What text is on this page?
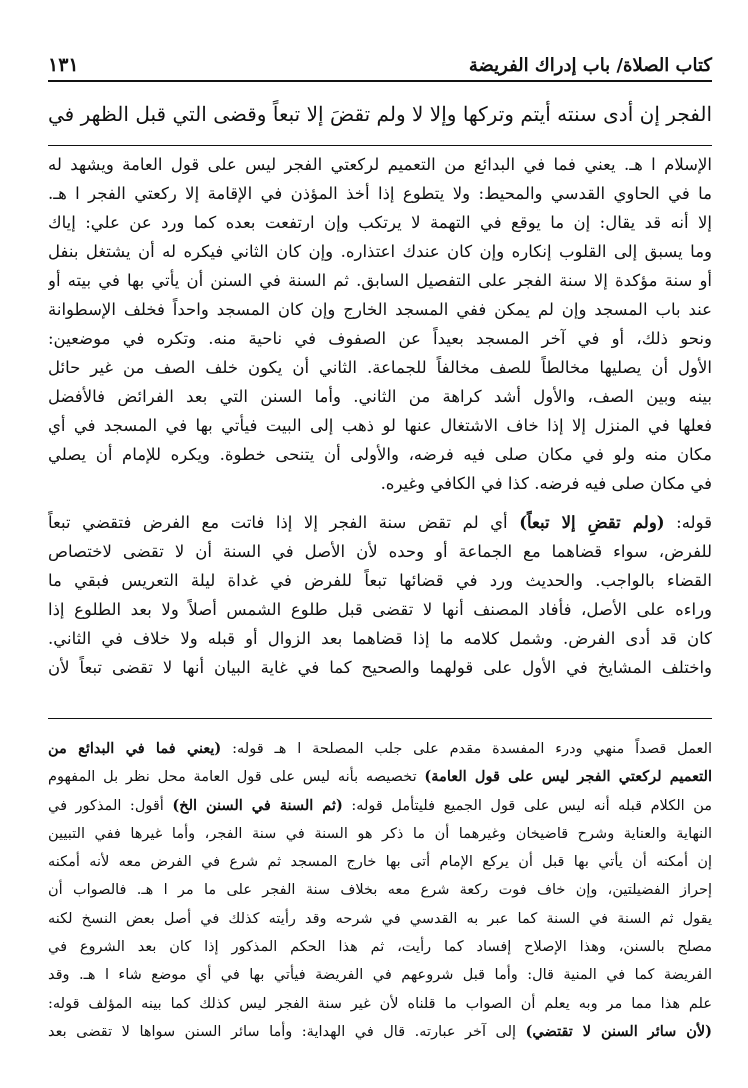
كتاب الصلاة/ باب إدراك الفريضة
١٣١
الفجر إن أدى سنته أيتم وتركها وإلا لا ولم تقضَ إلا تبعاً وقضى التي قبل الظهر في
الإسلام ا هـ. يعني فما في البدائع من التعميم لركعتي الفجر ليس على قول العامة ويشهد له
ما في الحاوي القدسي والمحيط: ولا يتطوع إذا أخذ المؤذن في الإقامة إلا ركعتي الفجر ا هـ.
إلا أنه قد يقال: إن ما يوقع في التهمة لا يرتكب وإن ارتفعت بعده كما ورد عن علي: إياك
وما يسبق إلى القلوب إنكاره وإن كان عندك اعتذاره. وإن كان الثاني فيكره له أن يشتغل بنفل
أو سنة مؤكدة إلا سنة الفجر على التفصيل السابق. ثم السنة في السنن أن يأتي بها في بيته أو
عند باب المسجد وإن لم يمكن ففي المسجد الخارج وإن كان المسجد واحداً فخلف الإسطوانة
ونحو ذلك، أو في آخر المسجد بعيداً عن الصفوف في ناحية منه. وتكره في موضعين:
الأول أن يصليها مخالطاً للصف مخالفاً للجماعة. الثاني أن يكون خلف الصف من غير حائل
بينه وبين الصف، والأول أشد كراهة من الثاني. وأما السنن التي بعد الفرائض فالأفضل
فعلها في المنزل إلا إذا خاف الاشتغال عنها لو ذهب إلى البيت فيأتي بها في المسجد في أي
مكان منه ولو في مكان صلى فيه فرضه، والأولى أن يتنحى خطوة. ويكره للإمام أن يصلي
في مكان صلى فيه فرضه. كذا في الكافي وغيره.
قوله: (ولم تقضِ إلا تبعاً) أي لم تقض سنة الفجر إلا إذا فاتت مع الفرض فتقضي تبعاً
للفرض، سواء قضاهما مع الجماعة أو وحده لأن الأصل في السنة أن لا تقضى لاختصاص
القضاء بالواجب. والحديث ورد في قضائها تبعاً للفرض في غداة ليلة التعريس فبقي ما
وراءه على الأصل، فأفاد المصنف أنها لا تقضى قبل طلوع الشمس أصلاً ولا بعد الطلوع إذا
كان قد أدى الفرض. وشمل كلامه ما إذا قضاهما بعد الزوال أو قبله ولا خلاف في الثاني.
واختلف المشايخ في الأول على قولهما والصحيح كما في غاية البيان أنها لا تقضى تبعاً لأن
العمل قصداً منهي ودرء المفسدة مقدم على جلب المصلحة ا هـ قوله: (يعني فما في البدائع من
التعميم لركعتي الفجر ليس على قول العامة) تخصيصه بأنه ليس على قول العامة محل نظر بل المفهوم
من الكلام قبله أنه ليس على قول الجميع فليتأمل قوله: (ثم السنة في السنن الخ) أقول: المذكور في
النهاية والعناية وشرح قاضيخان وغيرهما أن ما ذكر هو السنة في سنة الفجر، وأما غيرها ففي التبيين
إن أمكنه أن يأتي بها قبل أن يركع الإمام أتى بها خارج المسجد ثم شرع في الفرض معه لأنه أمكنه
إحراز الفضيلتين، وإن خاف فوت ركعة شرع معه بخلاف سنة الفجر على ما مر ا هـ. فالصواب أن
يقول ثم السنة في السنة كما عبر به القدسي في شرحه وقد رأيته كذلك في أصل بعض النسخ لكنه
مصلح بالسنن، وهذا الإصلاح إفساد كما رأيت، ثم هذا الحكم المذكور إذا كان بعد الشروع في
الفريضة كما في المنية قال: وأما قبل شروعهم في الفريضة فيأتي بها في أي موضع شاء ا هـ. وقد
علم هذا مما مر وبه يعلم أن الصواب ما قلناه لأن غير سنة الفجر ليس كذلك كما بينه المؤلف قوله:
(لأن سائر السنن لا تقتضي) إلى آخر عبارته. قال في الهداية: وأما سائر السنن سواها لا تقضى بعد
